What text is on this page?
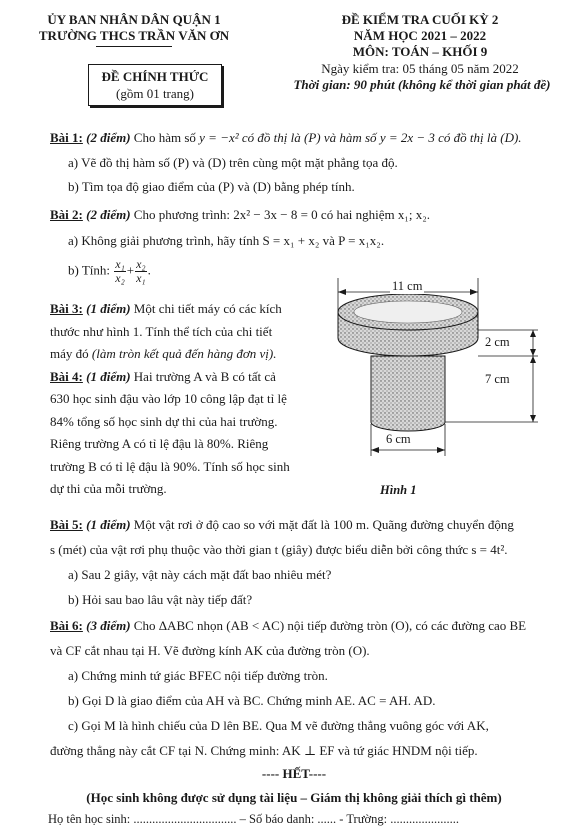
ỦY BAN NHÂN DÂN QUẬN 1
TRƯỜNG THCS TRẦN VĂN ƠN
ĐỀ CHÍNH THỨC
(gồm 01 trang)
ĐỀ KIỂM TRA CUỐI KỲ 2
NĂM HỌC 2021 – 2022
MÔN: TOÁN – KHỐI 9
Ngày kiểm tra: 05 tháng 05 năm 2022
Thời gian: 90 phút (không kể thời gian phát đề)
Bài 1: (2 điểm) Cho hàm số y = −x² có đồ thị là (P) và hàm số y = 2x − 3 có đồ thị là (D).
a) Vẽ đồ thị hàm số (P) và (D) trên cùng một mặt phẳng tọa độ.
b) Tìm tọa độ giao điểm của (P) và (D) bằng phép tính.
Bài 2: (2 điểm) Cho phương trình: 2x² − 3x − 8 = 0 có hai nghiệm x₁; x₂.
a) Không giải phương trình, hãy tính S = x₁ + x₂ và P = x₁x₂.
b) Tính: $\frac{\text{x₁}}{\text{x₂}} + \frac{\text{x₂}}{\text{x₁}}$ .
Bài 3: (1 điểm) Một chi tiết máy có các kích
thước như hình 1. Tính thể tích của chi tiết
máy đó (làm tròn kết quả đến hàng đơn vị).
Bài 4: (1 điểm) Hai trường A và B có tất cả
630 học sinh đậu vào lớp 10 công lập đạt tỉ lệ
84% tổng số học sinh dự thi của hai trường.
Riêng trường A có tỉ lệ đậu là 80%. Riêng
trường B có tỉ lệ đậu là 90%. Tính số học sinh
dự thi của mỗi trường.
11 cm
2 cm
7 cm
6 cm
Hình 1
Bài 5: (1 điểm) Một vật rơi ở độ cao so với mặt đất là 100 m. Quãng đường chuyển động
s (mét) của vật rơi phụ thuộc vào thời gian t (giây) được biểu diễn bởi công thức s = 4t².
a) Sau 2 giây, vật này cách mặt đất bao nhiêu mét?
b) Hỏi sau bao lâu vật này tiếp đất?
Bài 6: (3 điểm) Cho ΔABC nhọn (AB < AC) nội tiếp đường tròn (O), có các đường cao BE
và CF cắt nhau tại H. Vẽ đường kính AK của đường tròn (O).
a) Chứng minh tứ giác BFEC nội tiếp đường tròn.
b) Gọi D là giao điểm của AH và BC. Chứng minh AE. AC = AH. AD.
c) Gọi M là hình chiếu của D lên BE. Qua M vẽ đường thẳng vuông góc với AK,
đường thẳng này cắt CF tại N. Chứng minh: AK ⊥ EF và tứ giác HNDM nội tiếp.
---- HẾT----
(Học sinh không được sử dụng tài liệu – Giám thị không giải thích gì thêm)
Họ tên học sinh: ................................. – Số báo danh: ...... - Trường: ......................
